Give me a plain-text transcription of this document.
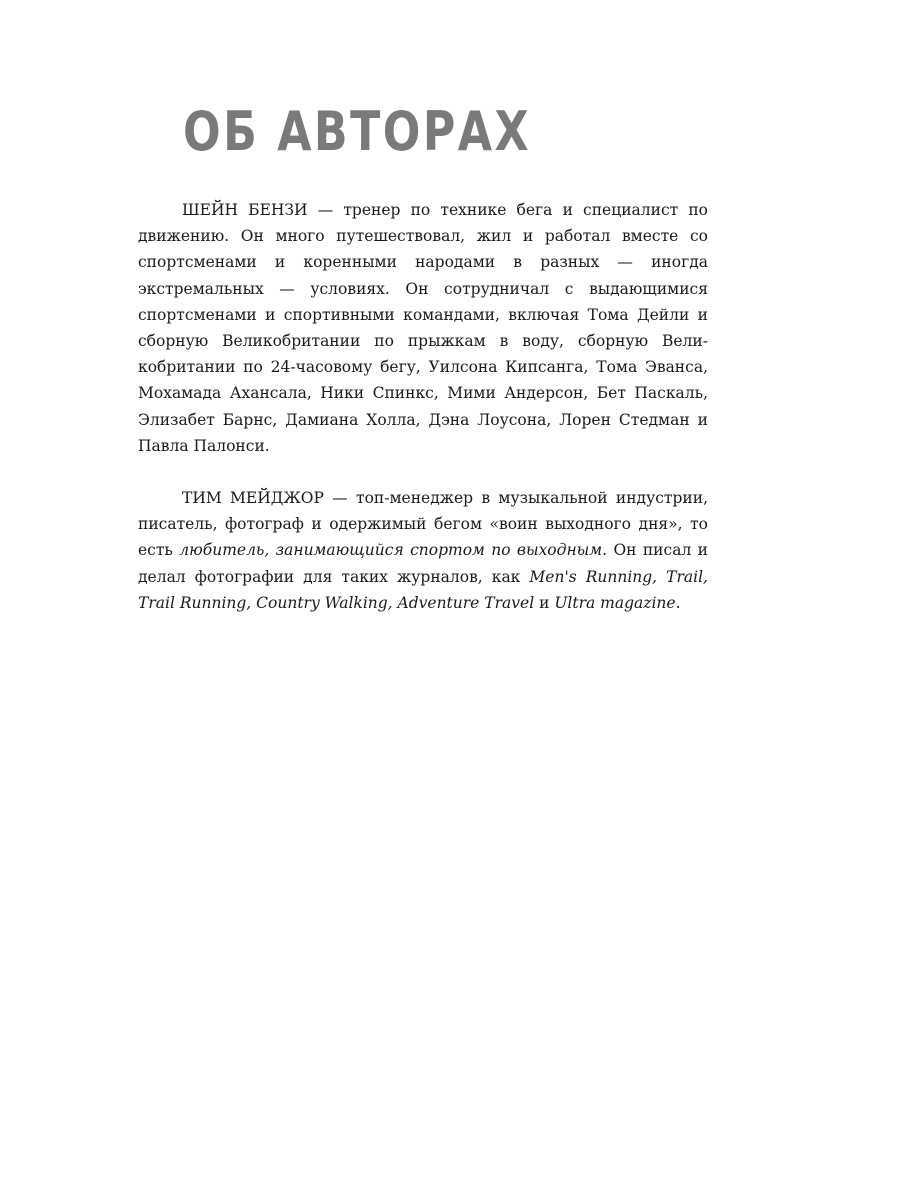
ОБ АВТОРАХ

ШЕЙН БЕНЗИ — тренер по технике бега и специалист по движению. Он много путешествовал, жил и работал вместе со спортсменами и коренными народами в разных — иногда экстремальных — условиях. Он сотрудничал с выдающимися спортсменами и спортивными командами, включая Тома Дейли и сборную Великобритании по прыжкам в воду, сборную Великобритании по 24-часовому бегу, Уилсона Кипсанга, Тома Эванса, Мохамада Ахансала, Ники Спинкс, Мими Андерсон, Бет Паскаль, Элизабет Барнс, Дамиана Холла, Дэна Лоусона, Лорен Стедман и Павла Палонси.

ТИМ МЕЙДЖОР — топ-менеджер в музыкальной индустрии, писатель, фотограф и одержимый бегом «воин выходного дня», то есть любитель, занимающийся спортом по выходным. Он писал и делал фотографии для таких журналов, как Men's Running, Trail, Trail Running, Country Walking, Adventure Travel и Ultra magazine.
